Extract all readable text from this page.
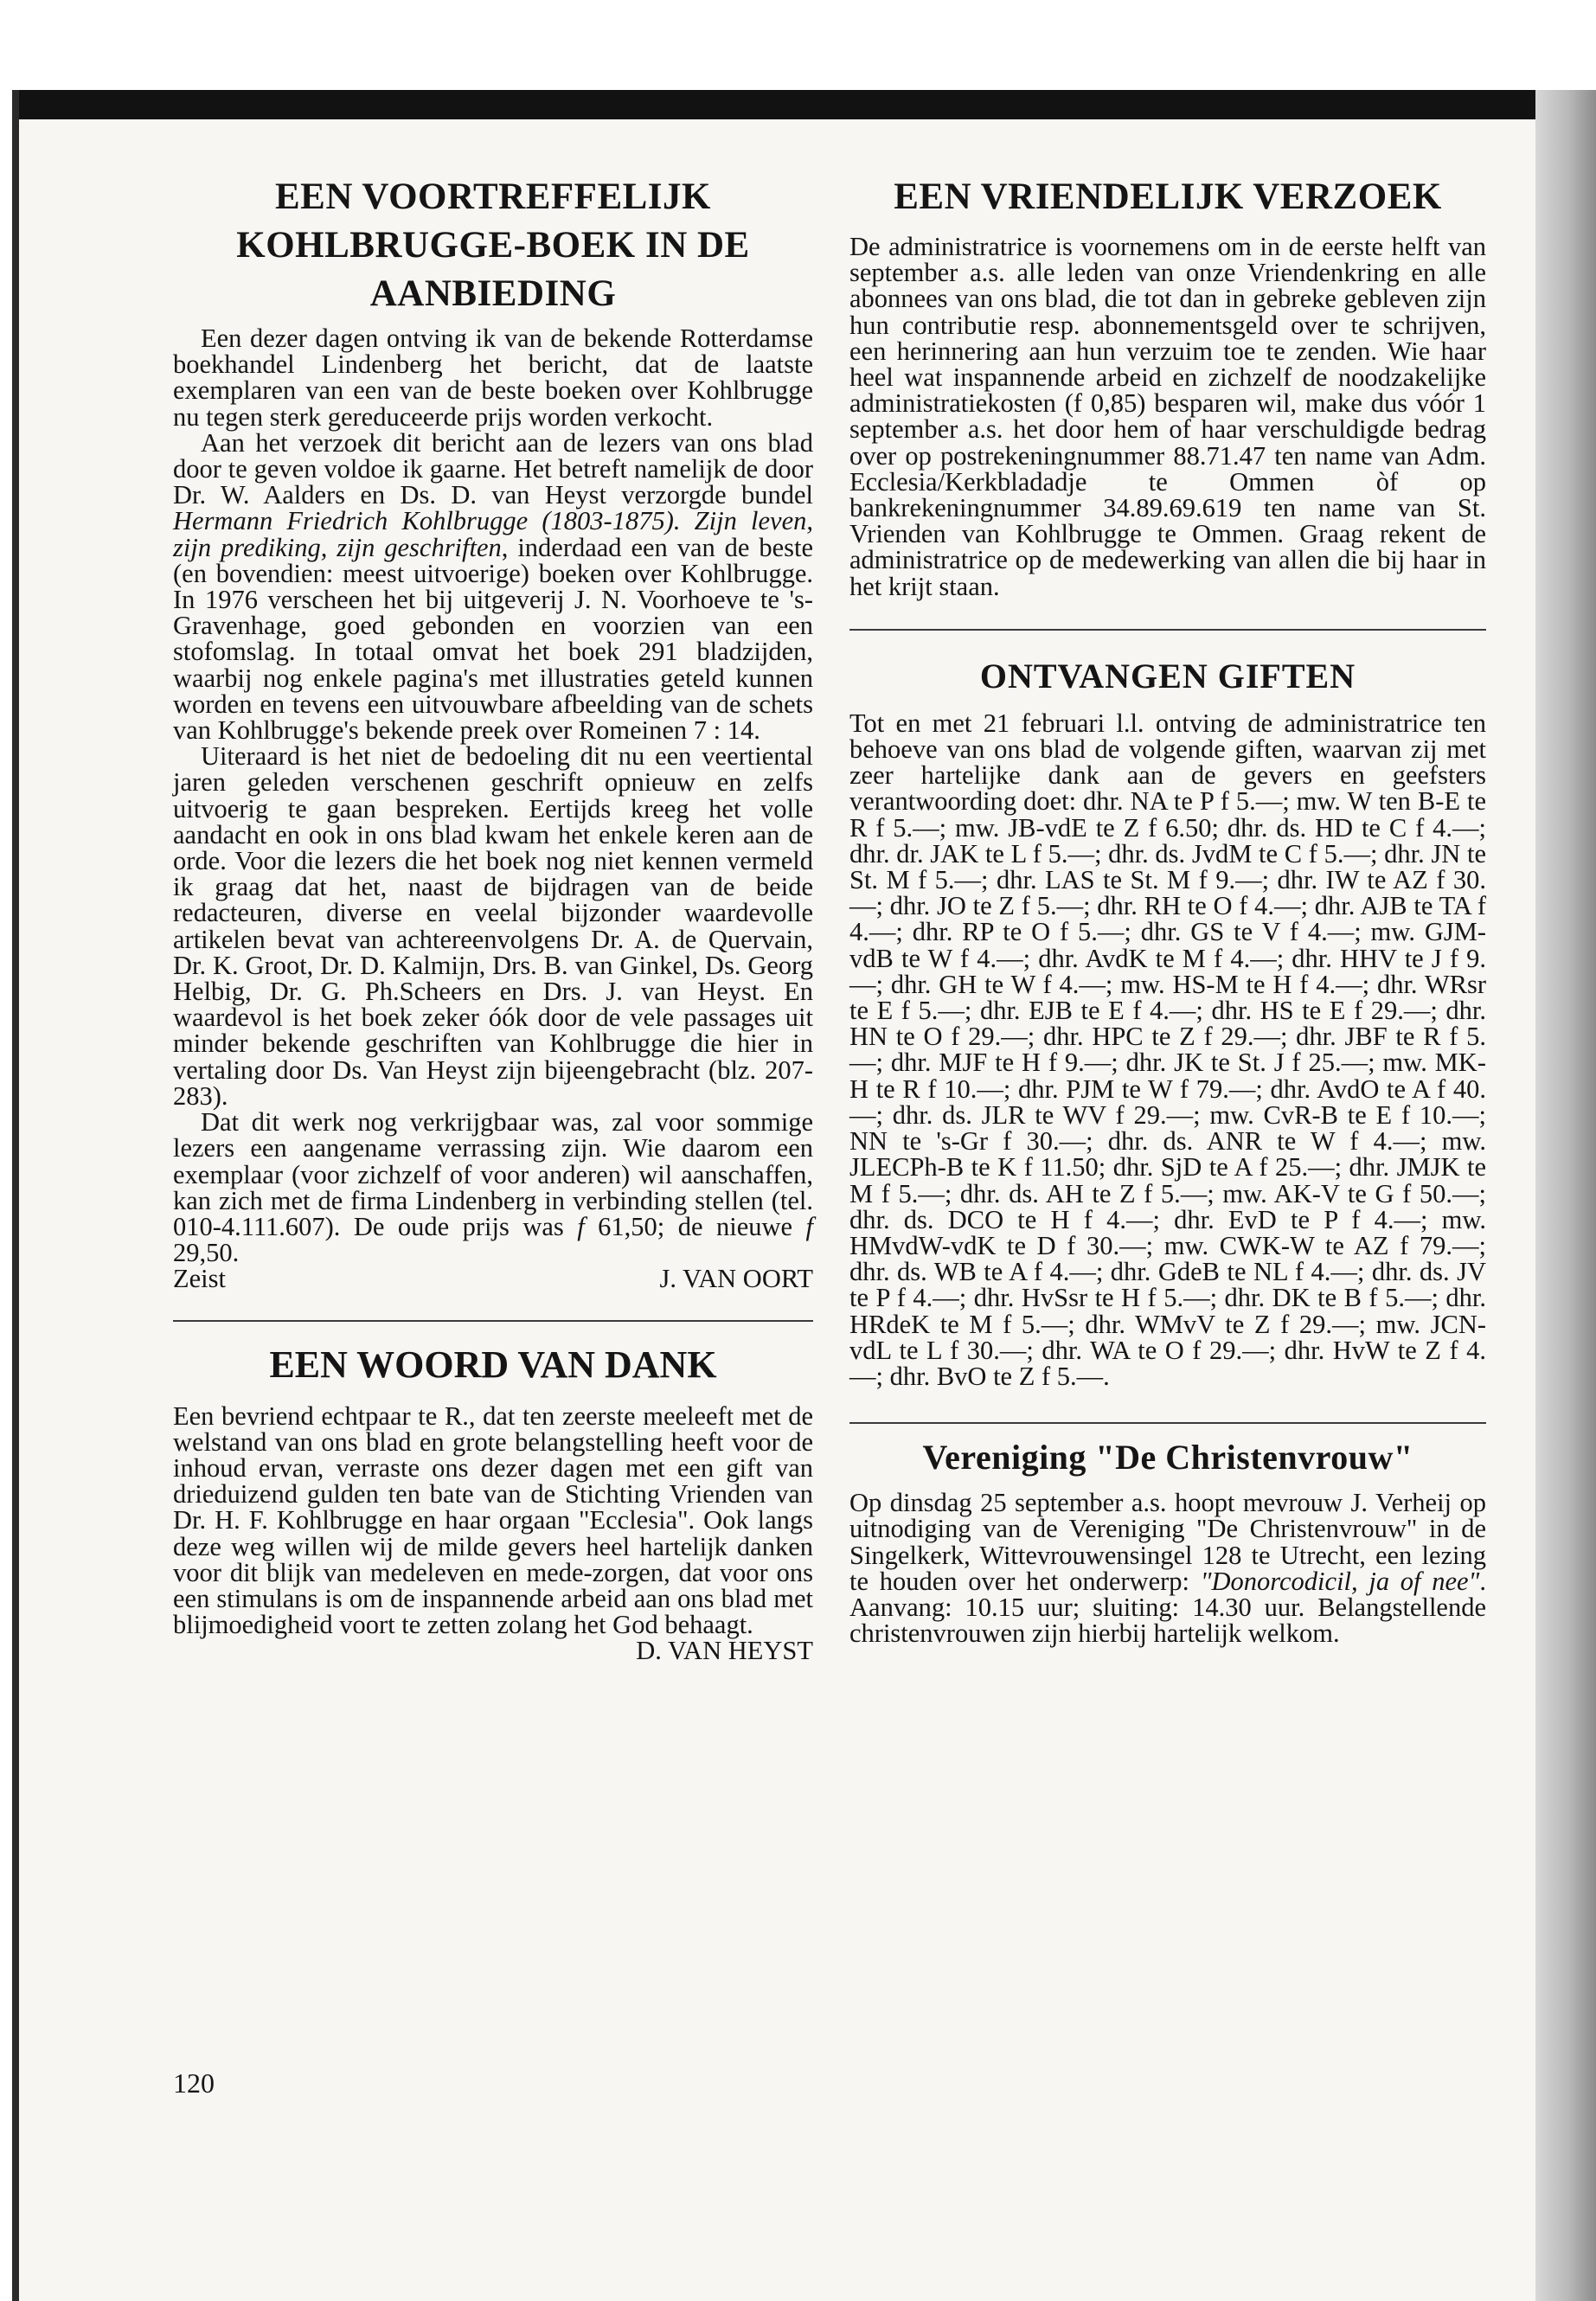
EEN VOORTREFFELIJK KOHLBRUGGE-BOEK IN DE AANBIEDING

Een dezer dagen ontving ik van de bekende Rotterdamse boekhandel Lindenberg het bericht, dat de laatste exemplaren van een van de beste boeken over Kohlbrugge nu tegen sterk gereduceerde prijs worden verkocht.

Aan het verzoek dit bericht aan de lezers van ons blad door te geven voldoe ik gaarne. Het betreft namelijk de door Dr. W. Aalders en Ds. D. van Heyst verzorgde bundel Hermann Friedrich Kohlbrugge (1803-1875). Zijn leven, zijn prediking, zijn geschriften, inderdaad een van de beste (en bovendien: meest uitvoerige) boeken over Kohlbrugge. In 1976 verscheen het bij uitgeverij J. N. Voorhoeve te 's-Gravenhage, goed gebonden en voorzien van een stofomslag. In totaal omvat het boek 291 bladzijden, waarbij nog enkele pagina's met illustraties geteld kunnen worden en tevens een uitvouwbare afbeelding van de schets van Kohlbrugge's bekende preek over Romeinen 7 : 14.

Uiteraard is het niet de bedoeling dit nu een veertiental jaren geleden verschenen geschrift opnieuw en zelfs uitvoerig te gaan bespreken. Eertijds kreeg het volle aandacht en ook in ons blad kwam het enkele keren aan de orde. Voor die lezers die het boek nog niet kennen vermeld ik graag dat het, naast de bijdragen van de beide redacteuren, diverse en veelal bijzonder waardevolle artikelen bevat van achtereenvolgens Dr. A. de Quervain, Dr. K. Groot, Dr. D. Kalmijn, Drs. B. van Ginkel, Ds. Georg Helbig, Dr. G. Ph.Scheers en Drs. J. van Heyst. En waardevol is het boek zeker óók door de vele passages uit minder bekende geschriften van Kohlbrugge die hier in vertaling door Ds. Van Heyst zijn bijeengebracht (blz. 207-283).

Dat dit werk nog verkrijgbaar was, zal voor sommige lezers een aangename verrassing zijn. Wie daarom een exemplaar (voor zichzelf of voor anderen) wil aanschaffen, kan zich met de firma Lindenberg in verbinding stellen (tel. 010-4.111.607). De oude prijs was f 61,50; de nieuwe f 29,50.

Zeist	J. VAN OORT
EEN WOORD VAN DANK

Een bevriend echtpaar te R., dat ten zeerste meeleeft met de welstand van ons blad en grote belangstelling heeft voor de inhoud ervan, verraste ons dezer dagen met een gift van drieduizend gulden ten bate van de Stichting Vrienden van Dr. H. F. Kohlbrugge en haar orgaan "Ecclesia". Ook langs deze weg willen wij de milde gevers heel hartelijk danken voor dit blijk van medeleven en mede-zorgen, dat voor ons een stimulans is om de inspannende arbeid aan ons blad met blijmoedigheid voort te zetten zolang het God behaagt.

D. VAN HEYST
120
EEN VRIENDELIJK VERZOEK

De administratrice is voornemens om in de eerste helft van september a.s. alle leden van onze Vriendenkring en alle abonnees van ons blad, die tot dan in gebreke gebleven zijn hun contributie resp. abonnementsgeld over te schrijven, een herinnering aan hun verzuim toe te zenden. Wie haar heel wat inspannende arbeid en zichzelf de noodzakelijke administratiekosten (f 0,85) besparen wil, make dus vóór 1 september a.s. het door hem of haar verschuldigde bedrag over op postrekeningnummer 88.71.47 ten name van Adm. Ecclesia/Kerkbladadje te Ommen òf op bankrekeningnummer 34.89.69.619 ten name van St. Vrienden van Kohlbrugge te Ommen. Graag rekent de administratrice op de medewerking van allen die bij haar in het krijt staan.

ONTVANGEN GIFTEN

Tot en met 21 februari l.l. ontving de administratrice ten behoeve van ons blad de volgende giften, waarvan zij met zeer hartelijke dank aan de gevers en geefsters verantwoording doet: dhr. NA te P f 5.—; mw. W ten B-E te R f 5.—; mw. JB-vdE te Z f 6.50; dhr. ds. HD te C f 4.—; dhr. dr. JAK te L f 5.—; dhr. ds. JvdM te C f 5.—; dhr. JN te St. M f 5.—; dhr. LAS te St. M f 9.—; dhr. IW te AZ f 30.—; dhr. JO te Z f 5.—; dhr. RH te O f 4.—; dhr. AJB te TA f 4.—; dhr. RP te O f 5.—; dhr. GS te V f 4.—; mw. GJM-vdB te W f 4.—; dhr. AvdK te M f 4.—; dhr. HHV te J f 9.—; dhr. GH te W f 4.—; mw. HS-M te H f 4.—; dhr. WRsr te E f 5.—; dhr. EJB te E f 4.—; dhr. HS te E f 29.—; dhr. HN te O f 29.—; dhr. HPC te Z f 29.—; dhr. JBF te R f 5.—; dhr. MJF te H f 9.—; dhr. JK te St. J f 25.—; mw. MK-H te R f 10.—; dhr. PJM te W f 79.—; dhr. AvdO te A f 40.—; dhr. ds. JLR te WV f 29.—; mw. CvR-B te E f 10.—; NN te 's-Gr f 30.—; dhr. ds. ANR te W f 4.—; mw. JLECPh-B te K f 11.50; dhr. SjD te A f 25.—; dhr. JMJK te M f 5.—; dhr. ds. AH te Z f 5.—; mw. AK-V te G f 50.—; dhr. ds. DCO te H f 4.—; dhr. EvD te P f 4.—; mw. HMvdW-vdK te D f 30.—; mw. CWK-W te AZ f 79.—; dhr. ds. WB te A f 4.—; dhr. GdeB te NL f 4.—; dhr. ds. JV te P f 4.—; dhr. HvSsr te H f 5.—; dhr. DK te B f 5.—; dhr. HRdeK te M f 5.—; dhr. WMvV te Z f 29.—; mw. JCN-vdL te L f 30.—; dhr. WA te O f 29.—; dhr. HvW te Z f 4.—; dhr. BvO te Z f 5.—.

Vereniging "De Christenvrouw"

Op dinsdag 25 september a.s. hoopt mevrouw J. Verheij op uitnodiging van de Vereniging "De Christenvrouw" in de Singelkerk, Wittevrouwensingel 128 te Utrecht, een lezing te houden over het onderwerp: "Donorcodicil, ja of nee". Aanvang: 10.15 uur; sluiting: 14.30 uur. Belangstellende christenvrouwen zijn hierbij hartelijk welkom.
